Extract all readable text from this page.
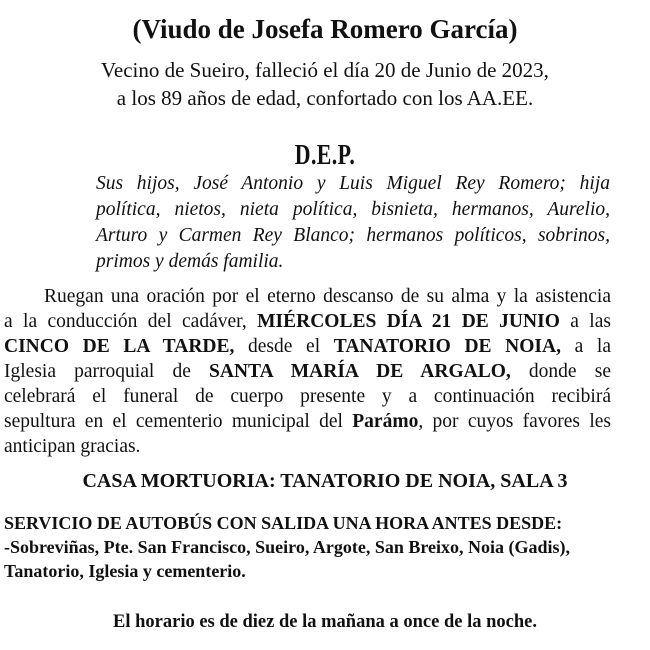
(Viudo de Josefa Romero García)
Vecino de Sueiro, falleció el día 20 de Junio de 2023,
a los 89 años de edad, confortado con los AA.EE.
D.E.P.
Sus hijos, José Antonio y Luis Miguel Rey Romero; hija
política, nietos, nieta política, bisnieta, hermanos, Aurelio,
Arturo y Carmen Rey Blanco; hermanos políticos, sobrinos,
primos y demás familia.
Ruegan una oración por el eterno descanso de su alma y la asistencia
a la conducción del cadáver, MIÉRCOLES DÍA 21 DE JUNIO a las
CINCO DE LA TARDE, desde el TANATORIO DE NOIA, a la
Iglesia parroquial de SANTA MARÍA DE ARGALO, donde se
celebrará el funeral de cuerpo presente y a continuación recibirá
sepultura en el cementerio municipal del Parámo, por cuyos favores les
anticipan gracias.
CASA MORTUORIA: TANATORIO DE NOIA, SALA 3
SERVICIO DE AUTOBÚS CON SALIDA UNA HORA ANTES DESDE:
-Sobreviñas, Pte. San Francisco, Sueiro, Argote, San Breixo, Noia (Gadis),
Tanatorio, Iglesia y cementerio.
El horario es de diez de la mañana a once de la noche.
